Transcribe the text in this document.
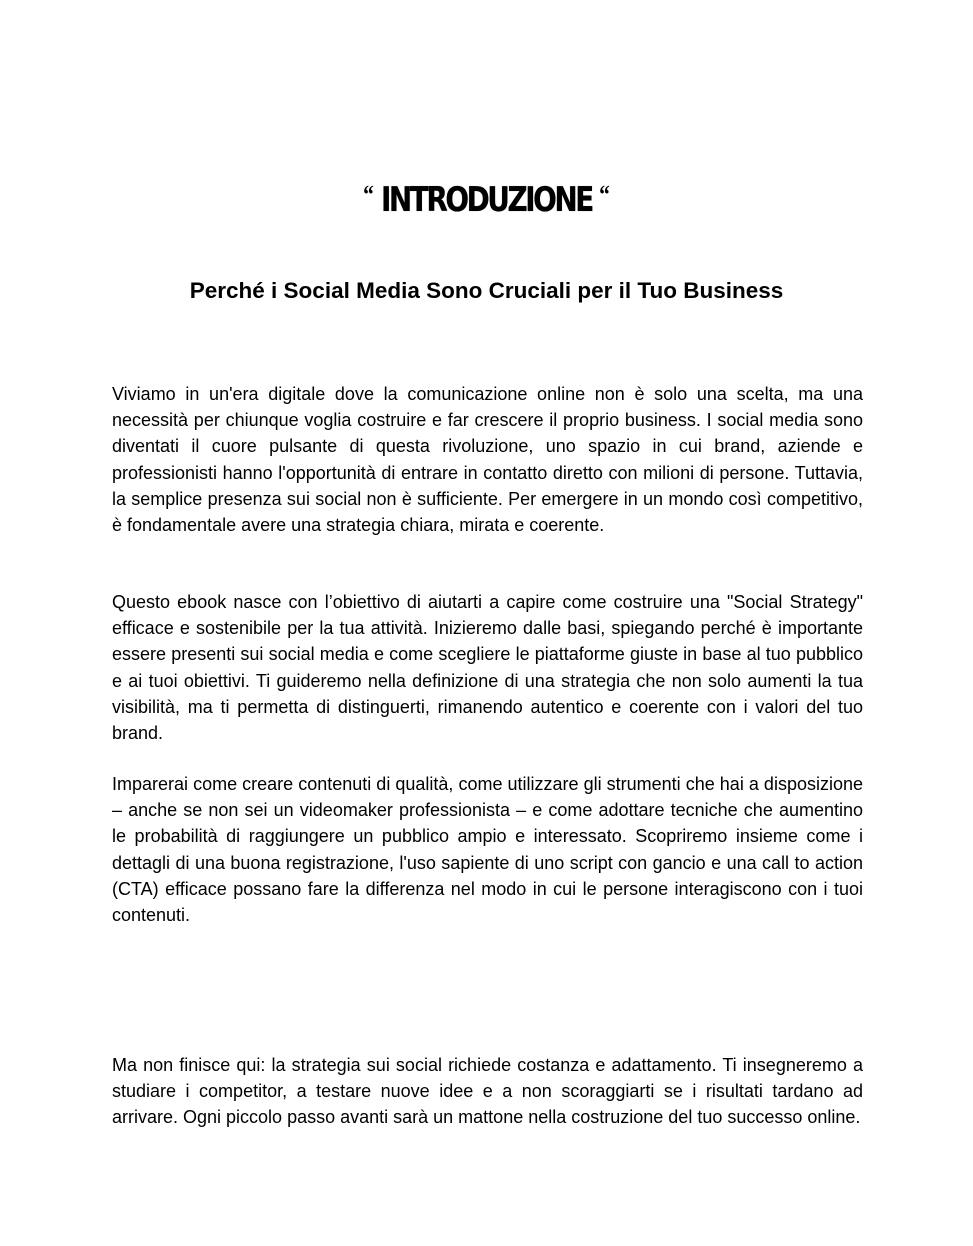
“ INTRODUZIONE “
Perché i Social Media Sono Cruciali per il Tuo Business

Viviamo in un'era digitale dove la comunicazione online non è solo una scelta, ma una necessità per chiunque voglia costruire e far crescere il proprio business. I social media sono diventati il cuore pulsante di questa rivoluzione, uno spazio in cui brand, aziende e professionisti hanno l'opportunità di entrare in contatto diretto con milioni di persone. Tuttavia, la semplice presenza sui social non è sufficiente. Per emergere in un mondo così competitivo, è fondamentale avere una strategia chiara, mirata e coerente.

Questo ebook nasce con l’obiettivo di aiutarti a capire come costruire una "Social Strategy" efficace e sostenibile per la tua attività. Inizieremo dalle basi, spiegando perché è importante essere presenti sui social media e come scegliere le piattaforme giuste in base al tuo pubblico e ai tuoi obiettivi. Ti guideremo nella definizione di una strategia che non solo aumenti la tua visibilità, ma ti permetta di distinguerti, rimanendo autentico e coerente con i valori del tuo brand.

Imparerai come creare contenuti di qualità, come utilizzare gli strumenti che hai a disposizione – anche se non sei un videomaker professionista – e come adottare tecniche che aumentino le probabilità di raggiungere un pubblico ampio e interessato. Scopriremo insieme come i dettagli di una buona registrazione, l'uso sapiente di uno script con gancio e una call to action (CTA) efficace possano fare la differenza nel modo in cui le persone interagiscono con i tuoi contenuti.

Ma non finisce qui: la strategia sui social richiede costanza e adattamento. Ti insegneremo a studiare i competitor, a testare nuove idee e a non scoraggiarti se i risultati tardano ad arrivare. Ogni piccolo passo avanti sarà un mattone nella costruzione del tuo successo online.
